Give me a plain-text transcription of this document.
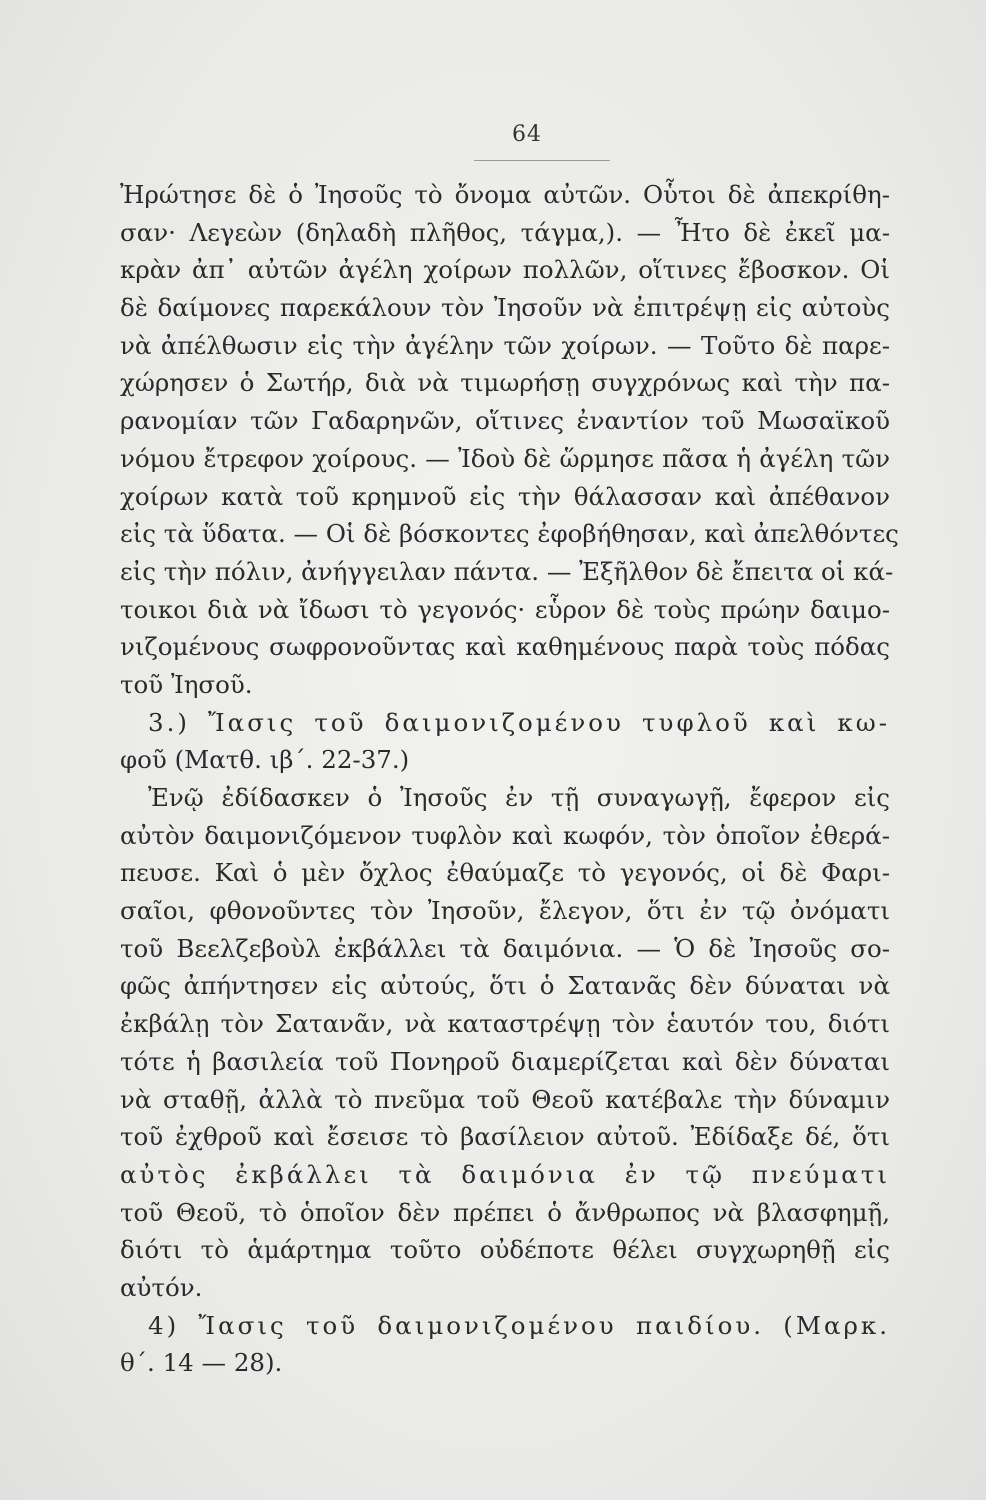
64
Ἠρώτησε δὲ ὁ Ἰησοῦς τὸ ὄνομα αὐτῶν. Οὗτοι δὲ ἀπεκρίθη-
σαν· Λεγεὼν (δηλαδὴ πλῆθος, τάγμα,). — Ἦτο δὲ ἐκεῖ μα-
κρὰν ἀπ᾽ αὐτῶν ἀγέλη χοίρων πολλῶν, οἵτινες ἔβοσκον. Οἱ
δὲ δαίμονες παρεκάλουν τὸν Ἰησοῦν νὰ ἐπιτρέψῃ εἰς αὐτοὺς
νὰ ἀπέλθωσιν εἰς τὴν ἀγέλην τῶν χοίρων. — Τοῦτο δὲ παρε-
χώρησεν ὁ Σωτήρ, διὰ νὰ τιμωρήσῃ συγχρόνως καὶ τὴν πα-
ρανομίαν τῶν Γαδαρηνῶν, οἵτινες ἐναντίον τοῦ Μωσαϊκοῦ
νόμου ἔτρεφον χοίρους. — Ἰδοὺ δὲ ὥρμησε πᾶσα ἡ ἀγέλη τῶν
χοίρων κατὰ τοῦ κρημνοῦ εἰς τὴν θάλασσαν καὶ ἀπέθανον
εἰς τὰ ὕδατα. — Οἱ δὲ βόσκοντες ἐφοβήθησαν, καὶ ἀπελθόντες
εἰς τὴν πόλιν, ἀνήγγειλαν πάντα. — Ἐξῆλθον δὲ ἔπειτα οἱ κά-
τοικοι διὰ νὰ ἴδωσι τὸ γεγονός· εὗρον δὲ τοὺς πρώην δαιμο-
νιζομένους σωφρονοῦντας καὶ καθημένους παρὰ τοὺς πόδας
τοῦ Ἰησοῦ.
3.) Ἴασις τοῦ δαιμονιζομένου τυφλοῦ καὶ κω-
φοῦ (Ματθ. ιβ΄. 22-37.)
Ἐνῷ ἐδίδασκεν ὁ Ἰησοῦς ἐν τῇ συναγωγῇ, ἔφερον εἰς
αὐτὸν δαιμονιζόμενον τυφλὸν καὶ κωφόν, τὸν ὁποῖον ἐθερά-
πευσε. Καὶ ὁ μὲν ὄχλος ἐθαύμαζε τὸ γεγονός, οἱ δὲ Φαρι-
σαῖοι, φθονοῦντες τὸν Ἰησοῦν, ἔλεγον, ὅτι ἐν τῷ ὀνόματι
τοῦ Βεελζεβοὺλ ἐκβάλλει τὰ δαιμόνια. — Ὁ δὲ Ἰησοῦς σο-
φῶς ἀπήντησεν εἰς αὐτούς, ὅτι ὁ Σατανᾶς δὲν δύναται νὰ
ἐκβάλῃ τὸν Σατανᾶν, νὰ καταστρέψῃ τὸν ἑαυτόν του, διότι
τότε ἡ βασιλεία τοῦ Πονηροῦ διαμερίζεται καὶ δὲν δύναται
νὰ σταθῇ, ἀλλὰ τὸ πνεῦμα τοῦ Θεοῦ κατέβαλε τὴν δύναμιν
τοῦ ἐχθροῦ καὶ ἔσεισε τὸ βασίλειον αὐτοῦ. Ἐδίδαξε δέ, ὅτι
αὐτὸς ἐκβάλλει τὰ δαιμόνια ἐν τῷ πνεύματι
τοῦ Θεοῦ, τὸ ὁποῖον δὲν πρέπει ὁ ἄνθρωπος νὰ βλασφημῇ,
διότι τὸ ἁμάρτημα τοῦτο οὐδέποτε θέλει συγχωρηθῇ εἰς
αὐτόν.
4) Ἴασις τοῦ δαιμονιζομένου παιδίου. (Μαρκ.
θ΄. 14 — 28).
